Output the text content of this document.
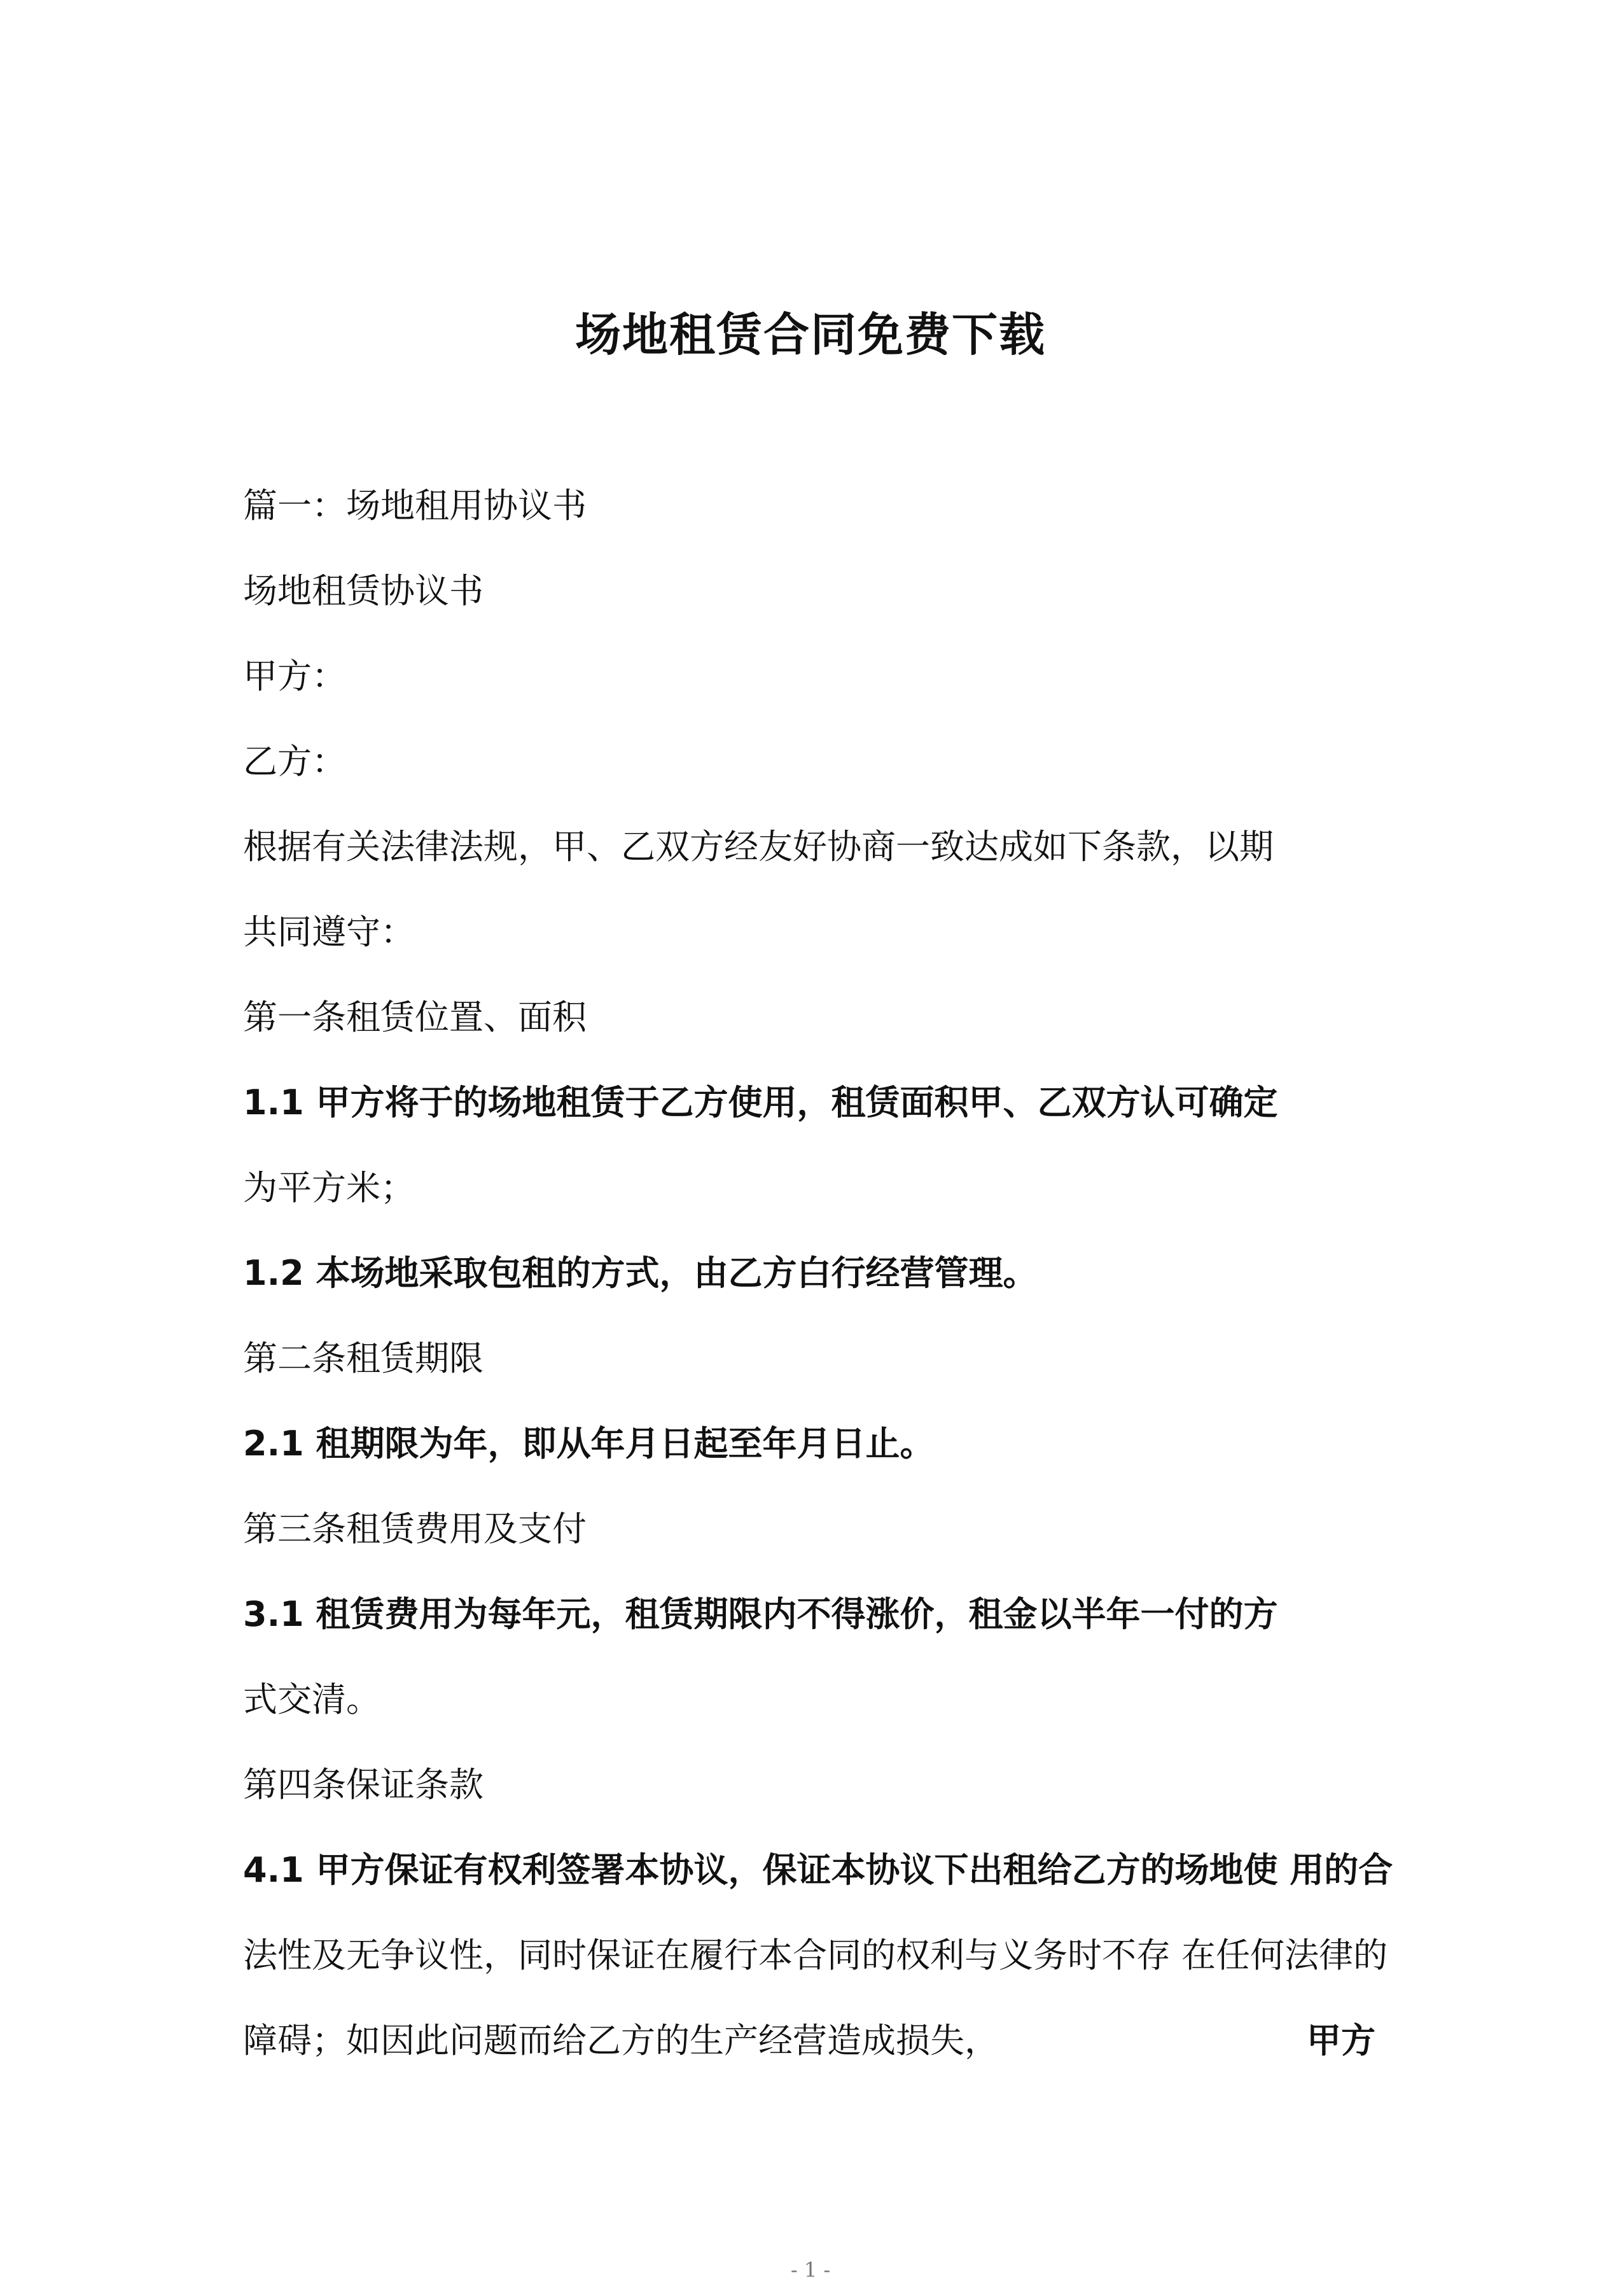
场地租赁合同免费下载
篇一：场地租用协议书
场地租赁协议书
甲方：
乙方：
根据有关法律法规，甲、乙双方经友好协商一致达成如下条款，以期
共同遵守：
第一条租赁位置、面积
1.1 甲方将于的场地租赁于乙方使用，租赁面积甲、乙双方认可确定
为平方米；
1.2 本场地采取包租的方式，由乙方白行经营管理。
第二条租赁期限
2.1 租期限为年，即从年月日起至年月日止。
第三条租赁费用及支付
3.1 租赁费用为每年元，租赁期限内不得涨价，租金以半年一付的方
式交清。
第四条保证条款
4.1 甲方保证有权利签署本协议，保证本协议下出租给乙方的场地使 用的合
法性及无争议性，同时保证在履行本合同的权利与义务时不存 在任何法律的
障碍；如因此问题而给乙方的生产经营造成损失，	甲方
- 1 -
